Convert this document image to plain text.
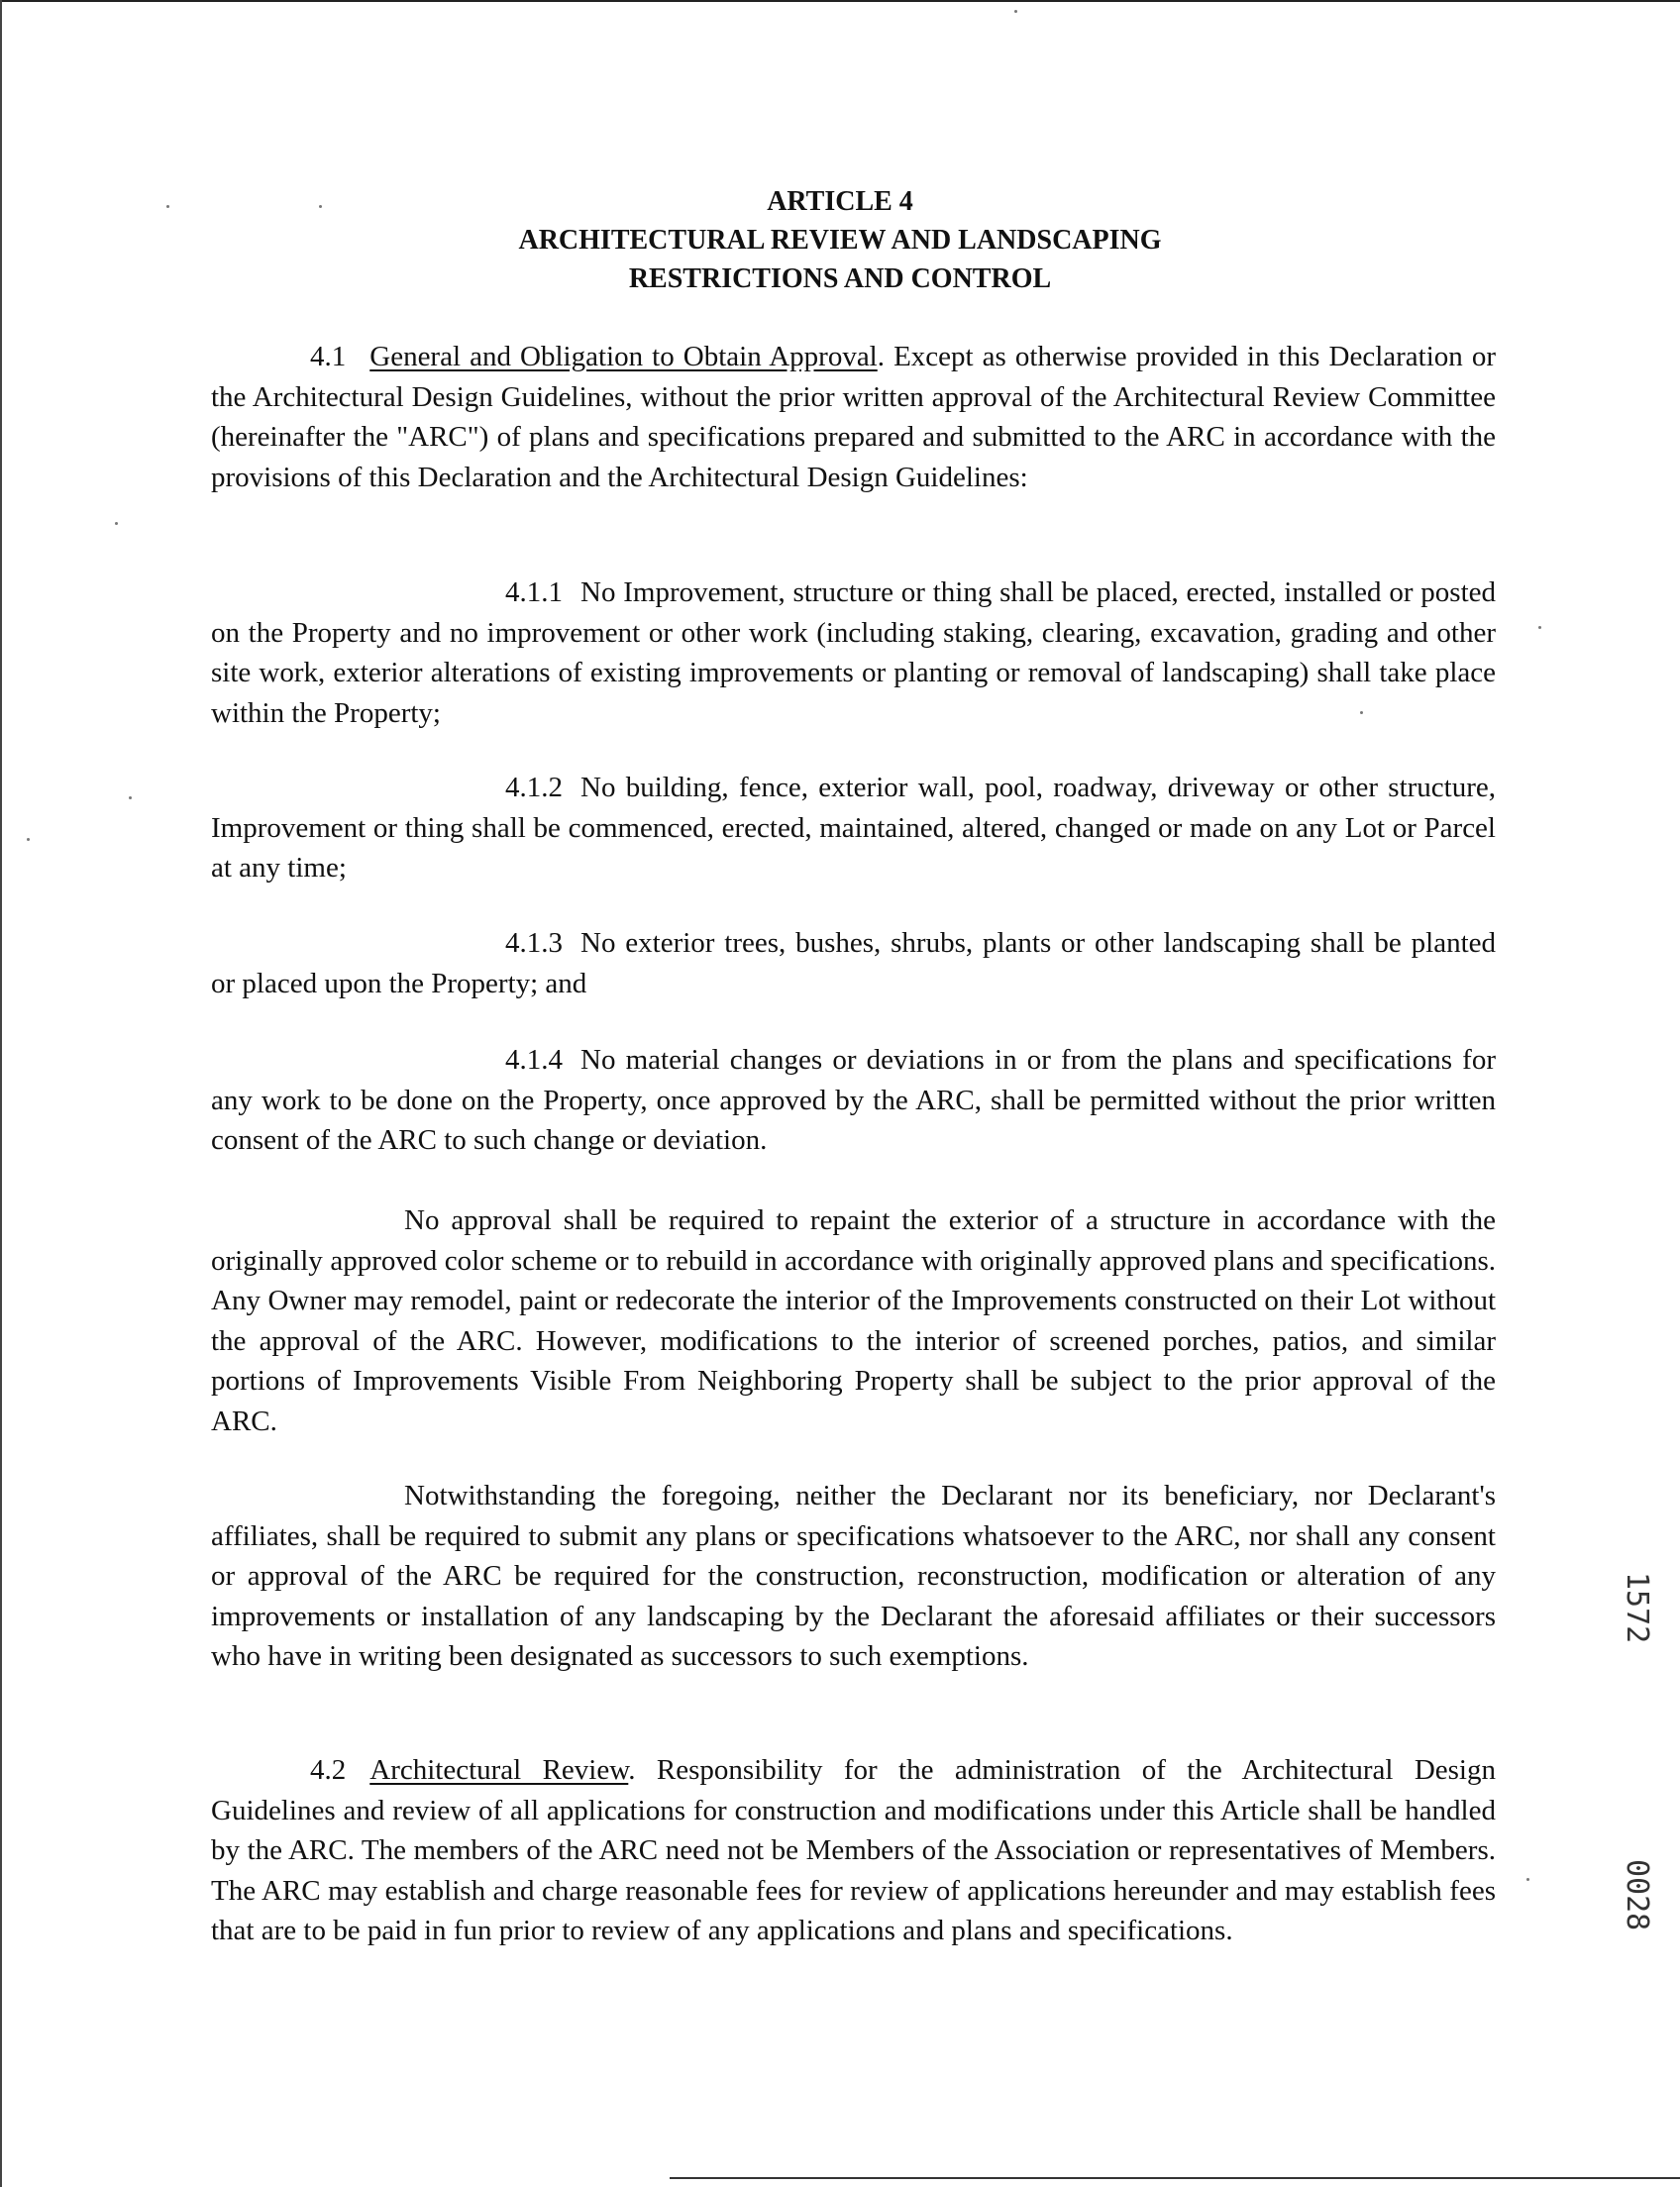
ARTICLE 4
ARCHITECTURAL REVIEW AND LANDSCAPING
RESTRICTIONS AND CONTROL

4.1 General and Obligation to Obtain Approval. Except as otherwise provided in this Declaration or the Architectural Design Guidelines, without the prior written approval of the Architectural Review Committee (hereinafter the "ARC") of plans and specifications prepared and submitted to the ARC in accordance with the provisions of this Declaration and the Architectural Design Guidelines:

4.1.1 No Improvement, structure or thing shall be placed, erected, installed or posted on the Property and no improvement or other work (including staking, clearing, excavation, grading and other site work, exterior alterations of existing improvements or planting or removal of landscaping) shall take place within the Property;

4.1.2 No building, fence, exterior wall, pool, roadway, driveway or other structure, Improvement or thing shall be commenced, erected, maintained, altered, changed or made on any Lot or Parcel at any time;

4.1.3 No exterior trees, bushes, shrubs, plants or other landscaping shall be planted or placed upon the Property; and

4.1.4 No material changes or deviations in or from the plans and specifications for any work to be done on the Property, once approved by the ARC, shall be permitted without the prior written consent of the ARC to such change or deviation.

No approval shall be required to repaint the exterior of a structure in accordance with the originally approved color scheme or to rebuild in accordance with originally approved plans and specifications. Any Owner may remodel, paint or redecorate the interior of the Improvements constructed on their Lot without the approval of the ARC. However, modifications to the interior of screened porches, patios, and similar portions of Improvements Visible From Neighboring Property shall be subject to the prior approval of the ARC.

Notwithstanding the foregoing, neither the Declarant nor its beneficiary, nor Declarant's affiliates, shall be required to submit any plans or specifications whatsoever to the ARC, nor shall any consent or approval of the ARC be required for the construction, reconstruction, modification or alteration of any improvements or installation of any landscaping by the Declarant the aforesaid affiliates or their successors who have in writing been designated as successors to such exemptions.

4.2 Architectural Review. Responsibility for the administration of the Architectural Design Guidelines and review of all applications for construction and modifications under this Article shall be handled by the ARC. The members of the ARC need not be Members of the Association or representatives of Members. The ARC may establish and charge reasonable fees for review of applications hereunder and may establish fees that are to be paid in fun prior to review of any applications and plans and specifications.

1572
0028
